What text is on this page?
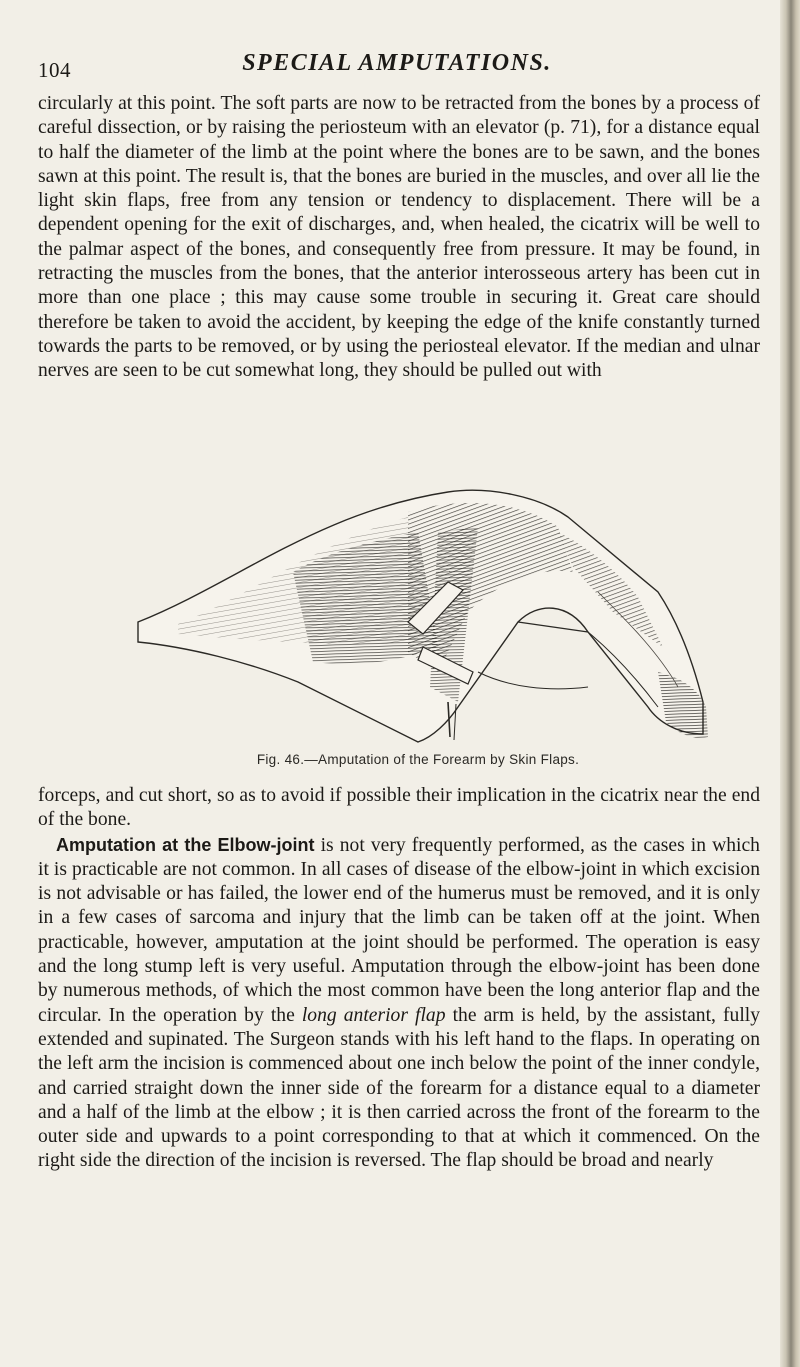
104	SPECIAL AMPUTATIONS.

circularly at this point. The soft parts are now to be retracted from the bones by a process of careful dissection, or by raising the periosteum with an elevator (p. 71), for a distance equal to half the diameter of the limb at the point where the bones are to be sawn, and the bones sawn at this point. The result is, that the bones are buried in the muscles, and over all lie the light skin flaps, free from any tension or tendency to displacement. There will be a dependent opening for the exit of discharges, and, when healed, the cicatrix will be well to the palmar aspect of the bones, and consequently free from pressure. It may be found, in retracting the muscles from the bones, that the anterior interosseous artery has been cut in more than one place ; this may cause some trouble in securing it. Great care should therefore be taken to avoid the accident, by keeping the edge of the knife constantly turned towards the parts to be removed, or by using the periosteal elevator. If the median and ulnar nerves are seen to be cut somewhat long, they should be pulled out with

Fig. 46.—Amputation of the Forearm by Skin Flaps.

forceps, and cut short, so as to avoid if possible their implication in the cicatrix near the end of the bone.

Amputation at the Elbow-joint is not very frequently performed, as the cases in which it is practicable are not common. In all cases of disease of the elbow-joint in which excision is not advisable or has failed, the lower end of the humerus must be removed, and it is only in a few cases of sarcoma and injury that the limb can be taken off at the joint. When practicable, however, amputation at the joint should be performed. The operation is easy and the long stump left is very useful. Amputation through the elbow-joint has been done by numerous methods, of which the most common have been the long anterior flap and the circular. In the operation by the long anterior flap the arm is held, by the assistant, fully extended and supinated. The Surgeon stands with his left hand to the flaps. In operating on the left arm the incision is commenced about one inch below the point of the inner condyle, and carried straight down the inner side of the forearm for a distance equal to a diameter and a half of the limb at the elbow ; it is then carried across the front of the forearm to the outer side and upwards to a point corresponding to that at which it commenced. On the right side the direction of the incision is reversed. The flap should be broad and nearly
